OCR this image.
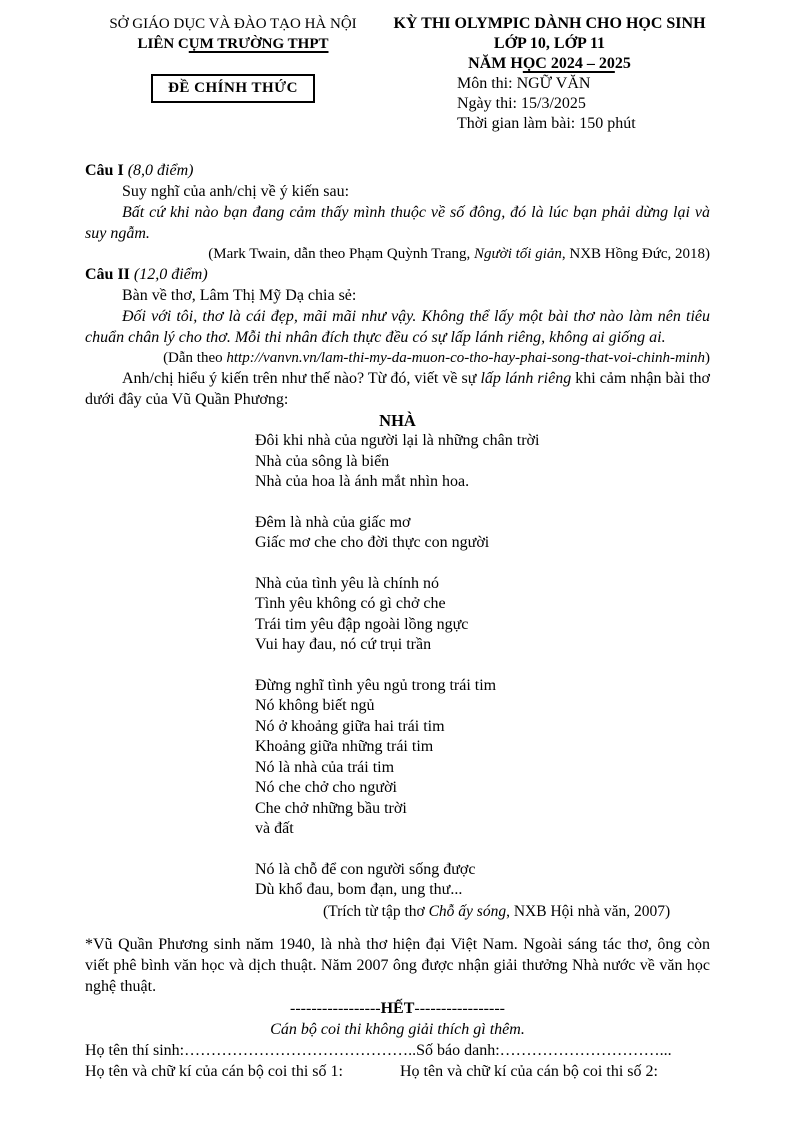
SỞ GIÁO DỤC VÀ ĐÀO TẠO HÀ NỘI
LIÊN CỤM TRƯỜNG THPT
ĐỀ CHÍNH THỨC
KỲ THI OLYMPIC DÀNH CHO HỌC SINH
LỚP 10, LỚP 11
NĂM HỌC 2024 – 2025
Môn thi: NGỮ VĂN
Ngày thi: 15/3/2025
Thời gian làm bài: 150 phút

Câu I (8,0 điểm)

Suy nghĩ của anh/chị về ý kiến sau:

Bất cứ khi nào bạn đang cảm thấy mình thuộc về số đông, đó là lúc bạn phải dừng lại và suy ngẫm.

(Mark Twain, dẫn theo Phạm Quỳnh Trang, Người tối giản, NXB Hồng Đức, 2018)

Câu II (12,0 điểm)

Bàn về thơ, Lâm Thị Mỹ Dạ chia sẻ:

Đối với tôi, thơ là cái đẹp, mãi mãi như vậy. Không thể lấy một bài thơ nào làm nên tiêu chuẩn chân lý cho thơ. Mỗi thi nhân đích thực đều có sự lấp lánh riêng, không ai giống ai.

(Dẫn theo http://vanvn.vn/lam-thi-my-da-muon-co-tho-hay-phai-song-that-voi-chinh-minh)

Anh/chị hiểu ý kiến trên như thế nào? Từ đó, viết về sự lấp lánh riêng khi cảm nhận bài thơ dưới đây của Vũ Quần Phương:

NHÀ
Đôi khi nhà của người lại là những chân trời
Nhà của sông là biển
Nhà của hoa là ánh mắt nhìn hoa.
Đêm là nhà của giấc mơ
Giấc mơ che cho đời thực con người
Nhà của tình yêu là chính nó
Tình yêu không có gì chở che
Trái tim yêu đập ngoài lồng ngực
Vui hay đau, nó cứ trụi trần
Đừng nghĩ tình yêu ngủ trong trái tim
Nó không biết ngủ
Nó ở khoảng giữa hai trái tim
Khoảng giữa những trái tim
Nó là nhà của trái tim
Nó che chở cho người
Che chở những bầu trời
và đất
Nó là chỗ để con người sống được
Dù khổ đau, bom đạn, ung thư...

(Trích từ tập thơ Chỗ ấy sóng, NXB Hội nhà văn, 2007)

*Vũ Quần Phương sinh năm 1940, là nhà thơ hiện đại Việt Nam. Ngoài sáng tác thơ, ông còn viết phê bình văn học và dịch thuật. Năm 2007 ông được nhận giải thưởng Nhà nước về văn học nghệ thuật.

-----------------HẾT-----------------

Cán bộ coi thi không giải thích gì thêm.

Họ tên thí sinh:……………………………………..Số báo danh:…………………………...

Họ tên và chữ kí của cán bộ coi thi số 1:	Họ tên và chữ kí của cán bộ coi thi số 2:
